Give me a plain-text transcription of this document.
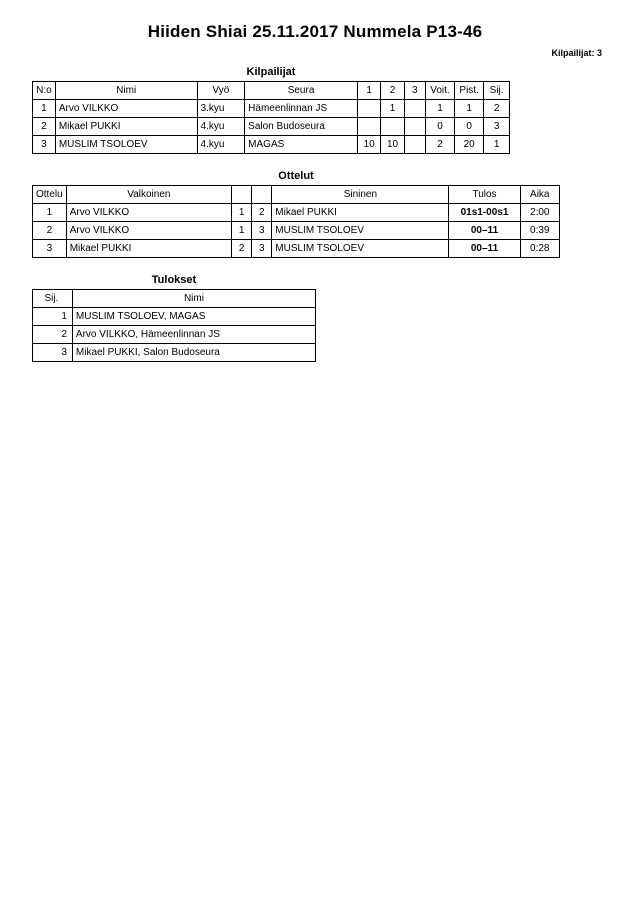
Hiiden Shiai 25.11.2017 Nummela P13-46
Kilpailijat: 3
Kilpailijat
N:o	Nimi	Vyö	Seura	1	2	3	Voit.	Pist.	Sij.
1	Arvo VILKKO	3.kyu	Hämeenlinnan JS		1		1	1	2
2	Mikael PUKKI	4.kyu	Salon Budoseura				0	0	3
3	MUSLIM TSOLOEV	4.kyu	MAGAS	10	10		2	20	1
Ottelut
Ottelu	Valkoinen			Sininen	Tulos	Aika
1	Arvo VILKKO	1	2	Mikael PUKKI	01s1-00s1	2:00
2	Arvo VILKKO	1	3	MUSLIM TSOLOEV	00–11	0:39
3	Mikael PUKKI	2	3	MUSLIM TSOLOEV	00–11	0:28
Tulokset
Sij.	Nimi
1	MUSLIM TSOLOEV, MAGAS
2	Arvo VILKKO, Hämeenlinnan JS
3	Mikael PUKKI, Salon Budoseura
